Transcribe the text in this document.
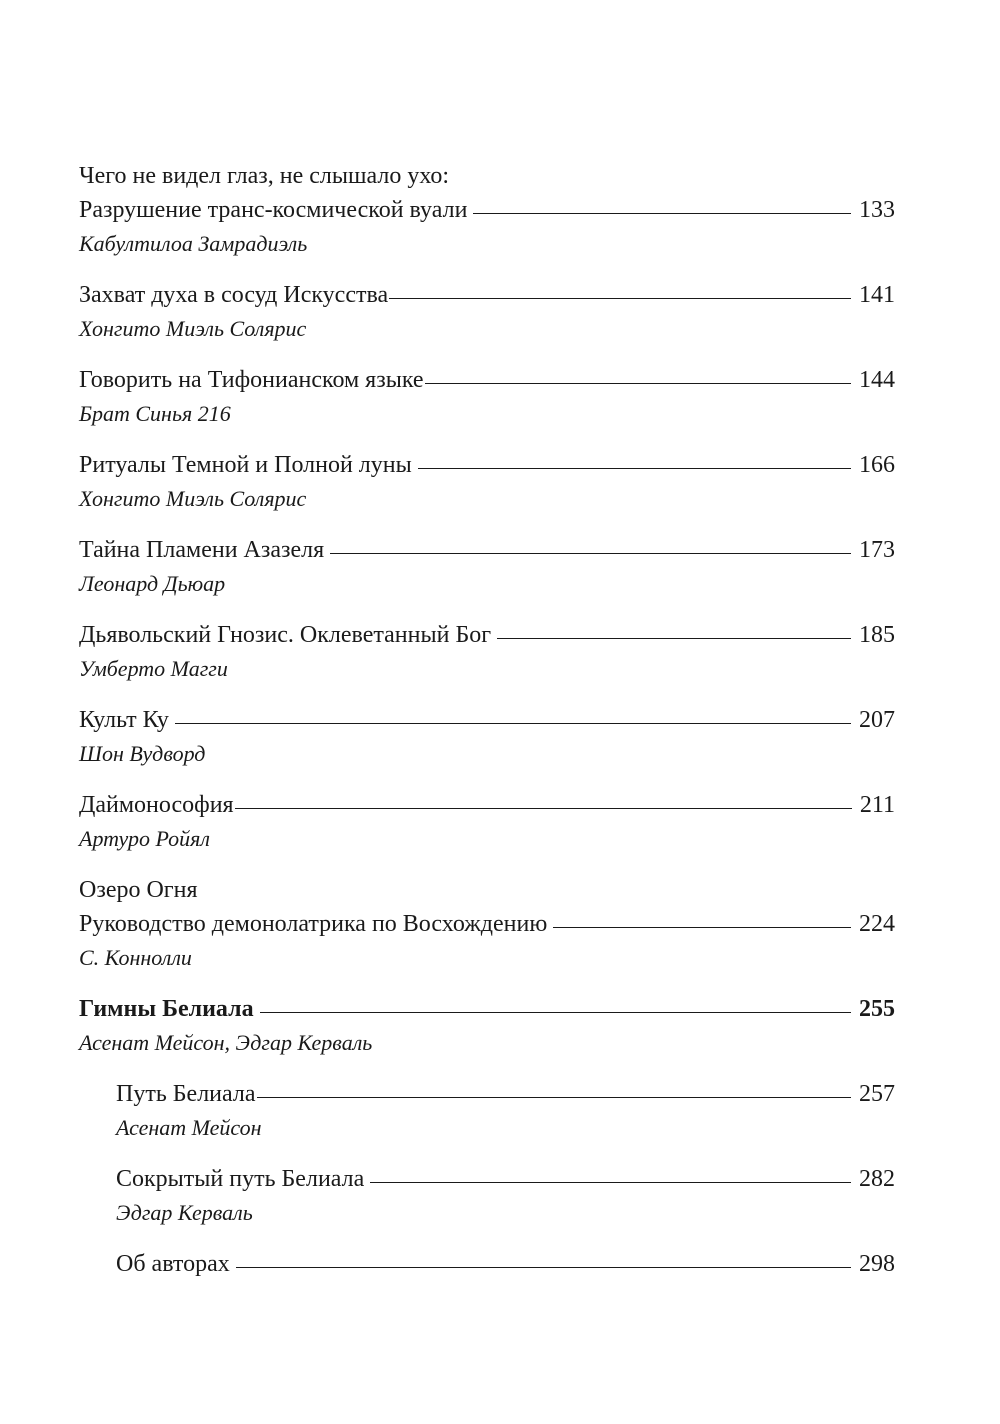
Чего не видел глаз, не слышало ухо:
Разрушение транс-космической вуали	133
Кабултилоа Замрадиэль
Захват духа в сосуд Искусства	141
Хонгито Миэль Солярис
Говорить на Тифонианском языке	144
Брат Синья 216
Ритуалы Темной и Полной луны	166
Хонгито Миэль Солярис
Тайна Пламени Азазеля	173
Леонард Дьюар
Дьявольский Гнозис. Оклеветанный Бог	185
Умберто Магги
Культ Ку	207
Шон Вудворд
Даймонософия	211
Артуро Ройял
Озеро Огня
Руководство демонолатрика по Восхождению	224
С. Коннолли
Гимны Белиала	255
Асенат Мейсон, Эдгар Керваль
Путь Белиала	257
Асенат Мейсон
Сокрытый путь Белиала	282
Эдгар Керваль
Об авторах	298
